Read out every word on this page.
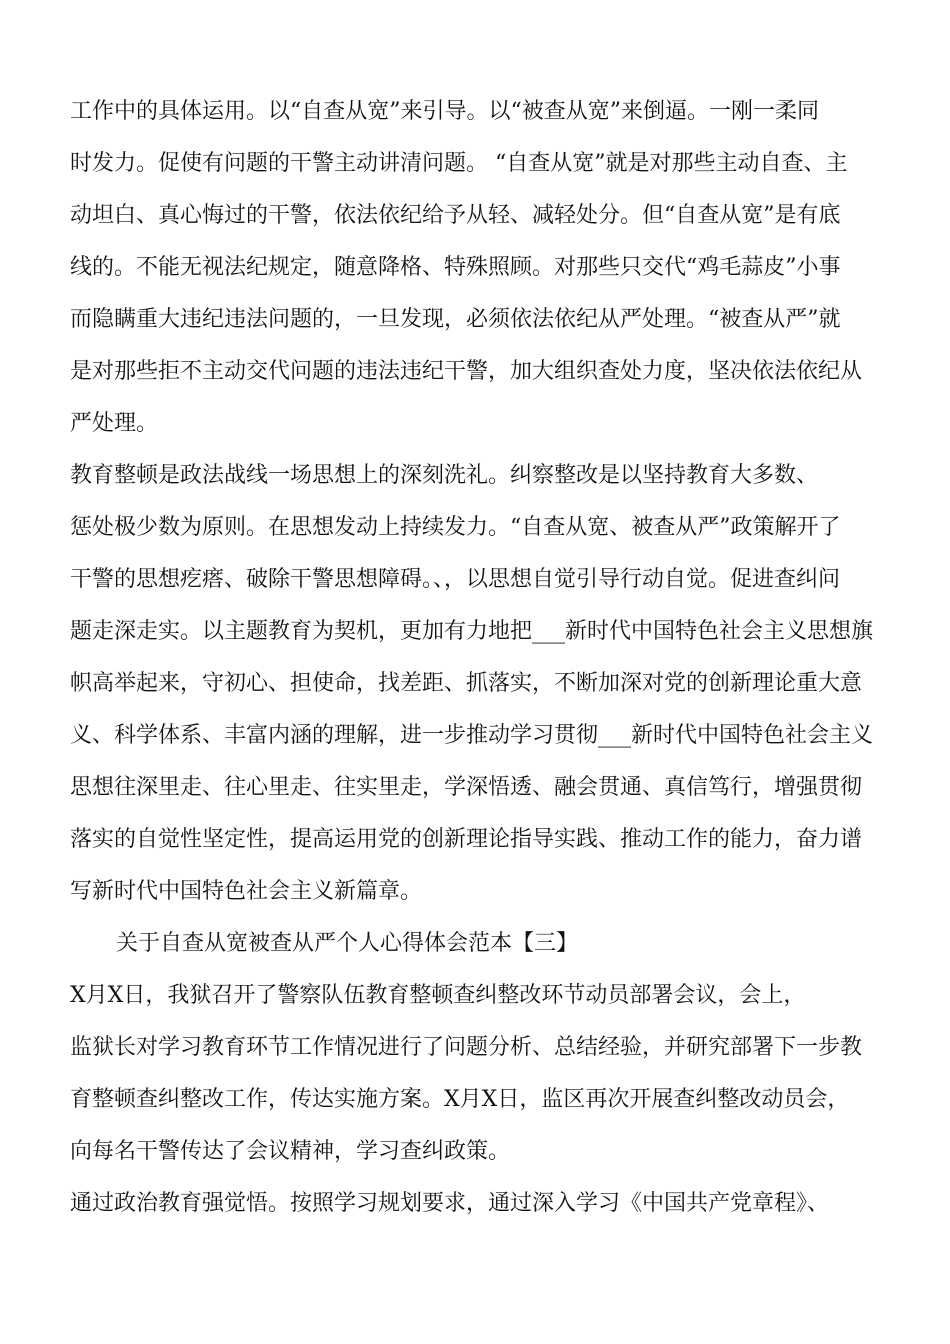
工作中的具体运用。以“自查从宽”来引导。以“被查从宽”来倒逼。一刚一柔同
时发力。促使有问题的干警主动讲清问题。 “自查从宽”就是对那些主动自查、主
动坦白、真心悔过的干警，依法依纪给予从轻、减轻处分。但“自查从宽”是有底
线的。不能无视法纪规定，随意降格、特殊照顾。对那些只交代“鸡毛蒜皮”小事
而隐瞒重大违纪违法问题的，一旦发现，必须依法依纪从严处理。“被查从严”就
是对那些拒不主动交代问题的违法违纪干警，加大组织查处力度，坚决依法依纪从
严处理。
教育整顿是政法战线一场思想上的深刻洗礼。纠察整改是以坚持教育大多数、
惩处极少数为原则。在思想发动上持续发力。“自查从宽、被查从严”政策解开了
干警的思想疙瘩、破除干警思想障碍。、，以思想自觉引导行动自觉。促进查纠问
题走深走实。以主题教育为契机，更加有力地把___新时代中国特色社会主义思想旗
帜高举起来，守初心、担使命，找差距、抓落实，不断加深对党的创新理论重大意
义、科学体系、丰富内涵的理解，进一步推动学习贯彻___新时代中国特色社会主义
思想往深里走、往心里走、往实里走，学深悟透、融会贯通、真信笃行，增强贯彻
落实的自觉性坚定性，提高运用党的创新理论指导实践、推动工作的能力，奋力谱
写新时代中国特色社会主义新篇章。
关于自查从宽被查从严个人心得体会范本【三】
X月X日，我狱召开了警察队伍教育整顿查纠整改环节动员部署会议，会上，
监狱长对学习教育环节工作情况进行了问题分析、总结经验，并研究部署下一步教
育整顿查纠整改工作，传达实施方案。X月X日，监区再次开展查纠整改动员会，
向每名干警传达了会议精神，学习查纠政策。
通过政治教育强觉悟。按照学习规划要求，通过深入学习《中国共产党章程》、
